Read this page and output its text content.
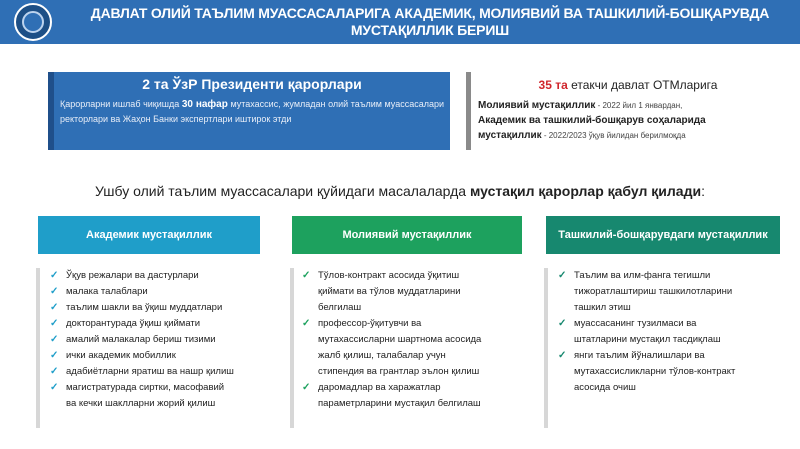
ДАВЛАТ ОЛИЙ ТАЪЛИМ МУАССАСАЛАРИГА АКАДЕМИК, МОЛИЯВИЙ ВА ТАШКИЛИЙ-БОШҚАРУВДА
МУСТАҚИЛЛИК БЕРИШ
2 та ЎзР Президенти қарорлари
Қарорларни ишлаб чиқишда 30 нафар мутахассис, жумладан олий таълим муассасалари ректорлари ва Жаҳон Банки экспертлари иштирок этди
35 та етакчи давлат ОТМларига
Молиявий мустақиллик - 2022 йил 1 январдан,
Академик ва ташкилий-бошқарув соҳаларида
мустақиллик - 2022/2023 ўқув йилидан берилмоқда
Ушбу олий таълим муассасалари қуйидаги масалаларда мустақил қарорлар қабул қилади:
Академик мустақиллик
✓ Ўқув режалари ва дастурлари
✓ малака талаблари
✓ таълим шакли ва ўқиш муддатлари
✓ докторантурада ўқиш қиймати
✓ амалий малакалар бериш тизими
✓ ички академик мобиллик
✓ адабиётларни яратиш ва нашр қилиш
✓ магистратурада сиртки, масофавий
ва кечки шаклларни жорий қилиш
Молиявий мустақиллик
✓ Тўлов-контракт асосида ўқитиш
қиймати ва тўлов муддатларини
белгилаш
✓ профессор-ўқитувчи ва
мутахассисларни шартнома асосида
жалб қилиш, талабалар учун
стипендия ва грантлар эълон қилиш
✓ даромадлар ва харажатлар
параметрларини мустақил белгилаш
Ташкилий-бошқарувдаги мустақиллик
✓ Таълим ва илм-фанга тегишли
тижоратлаштириш ташкилотларини
ташкил этиш
✓ муассасанинг тузилмаси ва
штатларини мустақил тасдиқлаш
✓ янги таълим йўналишлари ва
мутахассисликларни тўлов-контракт
асосида очиш
